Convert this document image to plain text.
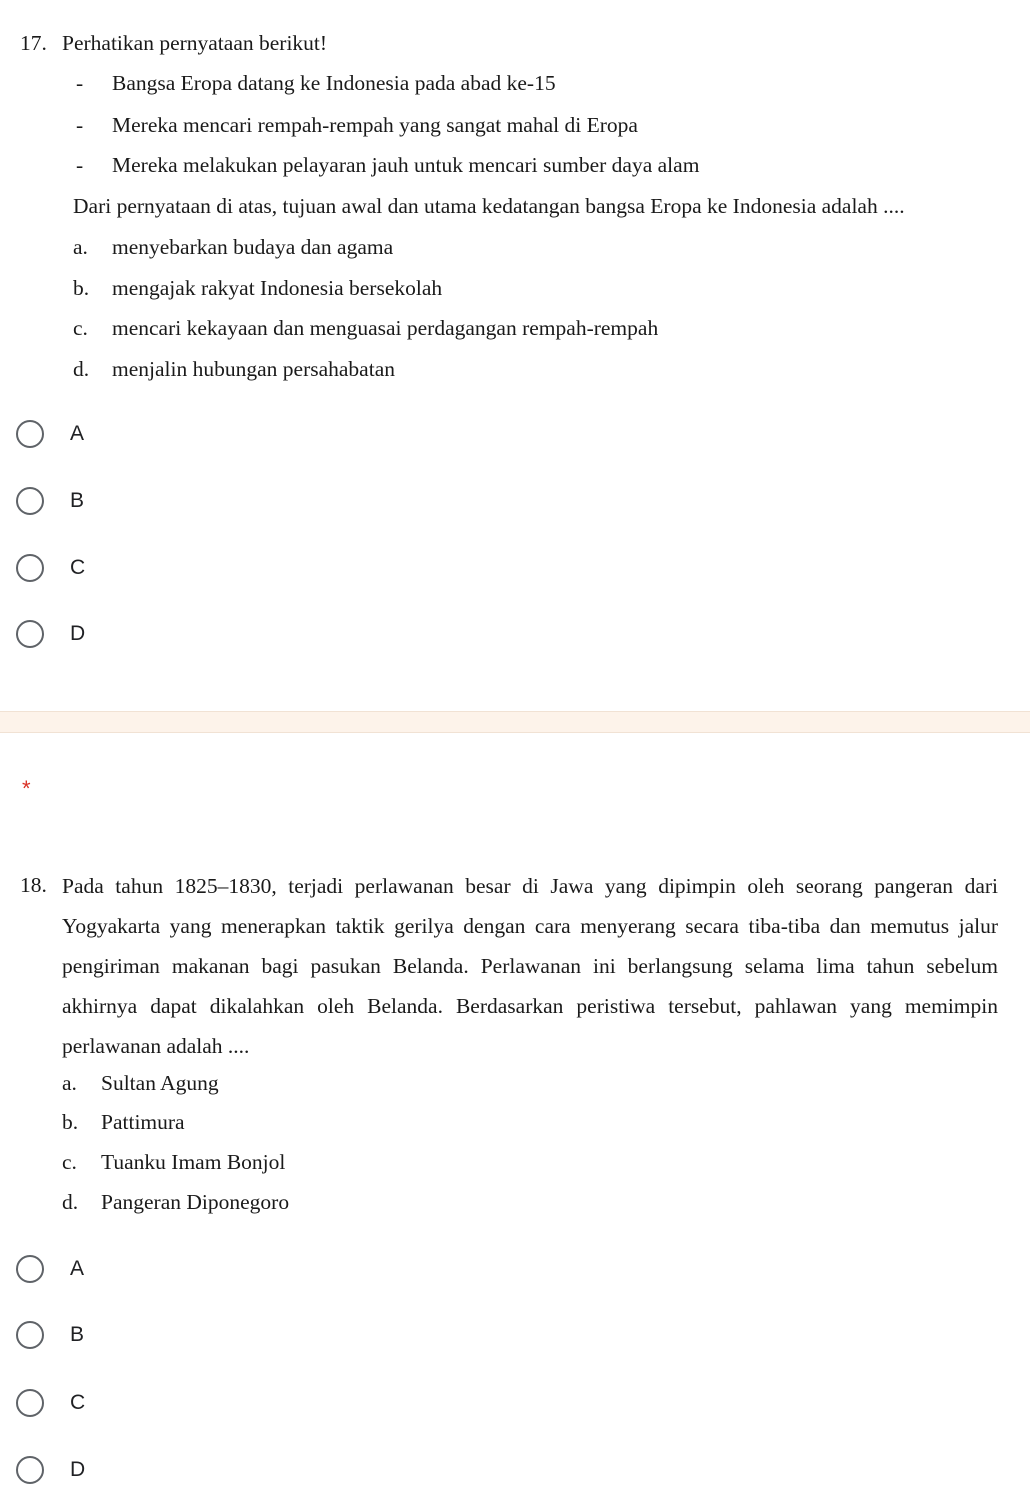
17. Perhatikan pernyataan berikut!
- Bangsa Eropa datang ke Indonesia pada abad ke-15
- Mereka mencari rempah-rempah yang sangat mahal di Eropa
- Mereka melakukan pelayaran jauh untuk mencari sumber daya alam
Dari pernyataan di atas, tujuan awal dan utama kedatangan bangsa Eropa ke Indonesia adalah ....
a. menyebarkan budaya dan agama
b. mengajak rakyat Indonesia bersekolah
c. mencari kekayaan dan menguasai perdagangan rempah-rempah
d. menjalin hubungan persahabatan
A
B
C
D
*
18. Pada tahun 1825–1830, terjadi perlawanan besar di Jawa yang dipimpin oleh seorang pangeran dari Yogyakarta yang menerapkan taktik gerilya dengan cara menyerang secara tiba-tiba dan memutus jalur pengiriman makanan bagi pasukan Belanda. Perlawanan ini berlangsung selama lima tahun sebelum akhirnya dapat dikalahkan oleh Belanda. Berdasarkan peristiwa tersebut, pahlawan yang memimpin perlawanan adalah ....
a. Sultan Agung
b. Pattimura
c. Tuanku Imam Bonjol
d. Pangeran Diponegoro
A
B
C
D
